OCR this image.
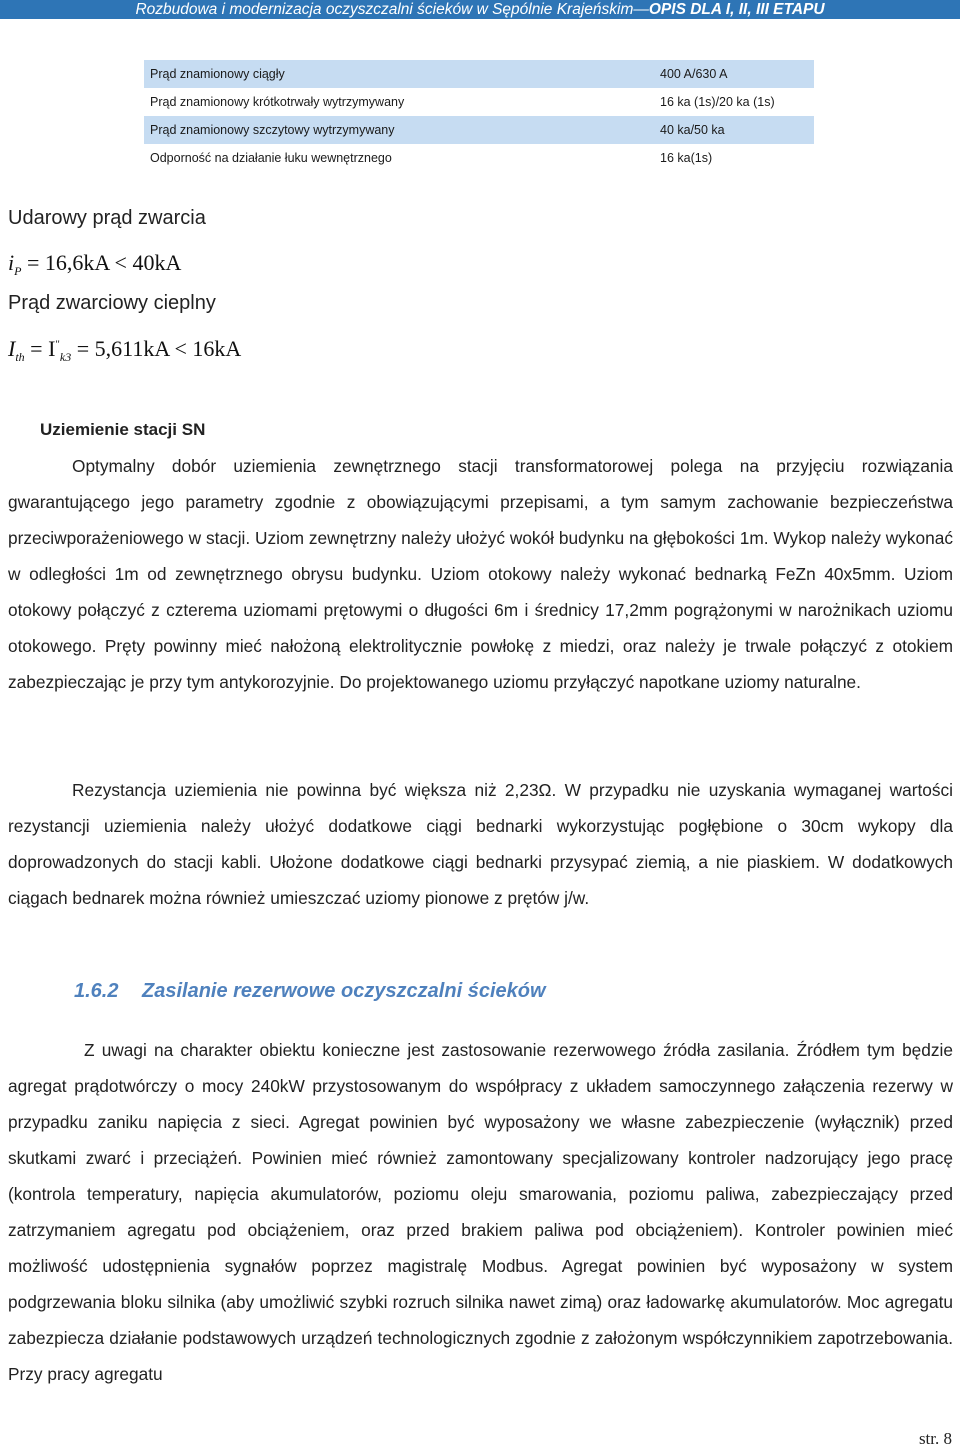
Rozbudowa i modernizacja oczyszczalni ścieków w Sępólnie Krajeńskim—OPIS DLA I, II, III ETAPU
Prąd znamionowy ciągły	400 A/630 A
Prąd znamionowy krótkotrwały wytrzymywany	16 ka (1s)/20 ka (1s)
Prąd znamionowy szczytowy wytrzymywany	40 ka/50 ka
Odporność na działanie łuku wewnętrznego	16 ka(1s)
Udarowy prąd zwarcia
$i_P = 16,6kA < 40kA$
Prąd zwarciowy cieplny
$I_{th} = I^"_{k3} = 5,611kA < 16kA$
Uziemienie stacji SN

Optymalny dobór uziemienia zewnętrznego stacji transformatorowej polega na przyjęciu rozwiązania gwarantującego jego parametry zgodnie z obowiązującymi przepisami, a tym samym zachowanie bezpieczeństwa przeciwporażeniowego w stacji. Uziom zewnętrzny należy ułożyć wokół budynku na głębokości 1m. Wykop należy wykonać w odległości 1m od zewnętrznego obrysu budynku. Uziom otokowy należy wykonać bednarką FeZn 40x5mm. Uziom otokowy połączyć z czterema uziomami prętowymi o długości 6m i średnicy 17,2mm pogrążonymi w narożnikach uziomu otokowego. Pręty powinny mieć nałożoną elektrolitycznie powłokę z miedzi, oraz należy je trwale połączyć z otokiem zabezpieczając je przy tym antykorozyjnie. Do projektowanego uziomu przyłączyć napotkane uziomy naturalne.

Rezystancja uziemienia nie powinna być większa niż 2,23Ω. W przypadku nie uzyskania wymaganej wartości rezystancji uziemienia należy ułożyć dodatkowe ciągi bednarki wykorzystując pogłębione o 30cm wykopy dla doprowadzonych do stacji kabli. Ułożone dodatkowe ciągi bednarki przysypać ziemią, a nie piaskiem. W dodatkowych ciągach bednarek można również umieszczać uziomy pionowe z prętów j/w.

1.6.2 Zasilanie rezerwowe oczyszczalni ścieków

Z uwagi na charakter obiektu konieczne jest zastosowanie rezerwowego źródła zasilania. Źródłem tym będzie agregat prądotwórczy o mocy 240kW przystosowanym do współpracy z układem samoczynnego załączenia rezerwy w przypadku zaniku napięcia z sieci. Agregat powinien być wyposażony we własne zabezpieczenie (wyłącznik) przed skutkami zwarć i przeciążeń. Powinien mieć również zamontowany specjalizowany kontroler nadzorujący jego pracę (kontrola temperatury, napięcia akumulatorów, poziomu oleju smarowania, poziomu paliwa, zabezpieczający przed zatrzymaniem agregatu pod obciążeniem, oraz przed brakiem paliwa pod obciążeniem). Kontroler powinien mieć możliwość udostępnienia sygnałów poprzez magistralę Modbus. Agregat powinien być wyposażony w system podgrzewania bloku silnika (aby umożliwić szybki rozruch silnika nawet zimą) oraz ładowarkę akumulatorów. Moc agregatu zabezpiecza działanie podstawowych urządzeń technologicznych zgodnie z założonym współczynnikiem zapotrzebowania. Przy pracy agregatu

str. 8
